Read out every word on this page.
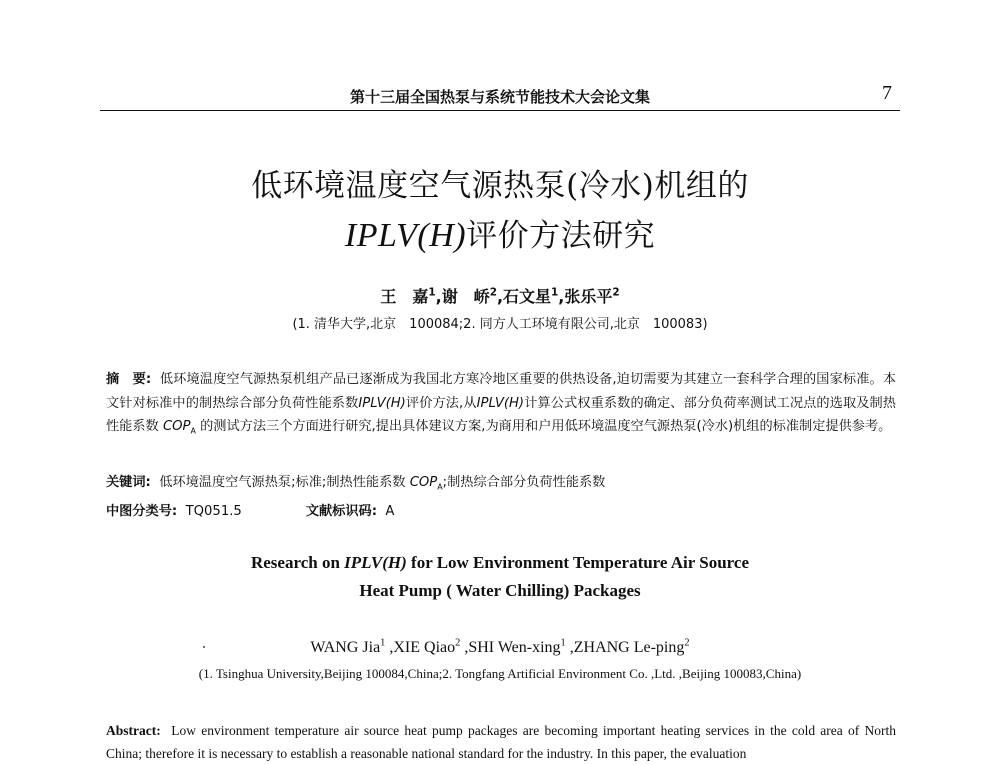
第十三届全国热泵与系统节能技术大会论文集	7
低环境温度空气源热泵(冷水)机组的
IPLV(H)评价方法研究
王　嘉$^1$,谢　峤$^2$,石文星$^1$,张乐平$^2$
(1. 清华大学,北京　100084;2. 同方人工环境有限公司,北京　100083)
摘　要: 低环境温度空气源热泵机组产品已逐渐成为我国北方寒冷地区重要的供热设备,迫切需要为其建立一套科学合理的国家标准。本文针对标准中的制热综合部分负荷性能系数IPLV(H)评价方法,从IPLV(H)计算公式权重系数的确定、部分负荷率测试工况点的选取及制热性能系数 $COP_A$ 的测试方法三个方面进行研究,提出具体建议方案,为商用和户用低环境温度空气源热泵(冷水)机组的标准制定提供参考。
关键词: 低环境温度空气源热泵;标准;制热性能系数 $COP_A$;制热综合部分负荷性能系数
中图分类号: TQ051.5	文献标识码: A
Research on IPLV(H) for Low Environment Temperature Air Source
Heat Pump ( Water Chilling) Packages
WANG Jia$^1$ ,XIE Qiao$^2$ ,SHI Wen-xing$^1$ ,ZHANG Le-ping$^2$
(1. Tsinghua University,Beijing 100084,China;2. Tongfang Artificial Environment Co. ,Ltd. ,Beijing 100083,China)
Abstract: Low environment temperature air source heat pump packages are becoming important heating services in the cold area of North China; therefore it is necessary to establish a reasonable national standard for the industry. In this paper, the evaluation
